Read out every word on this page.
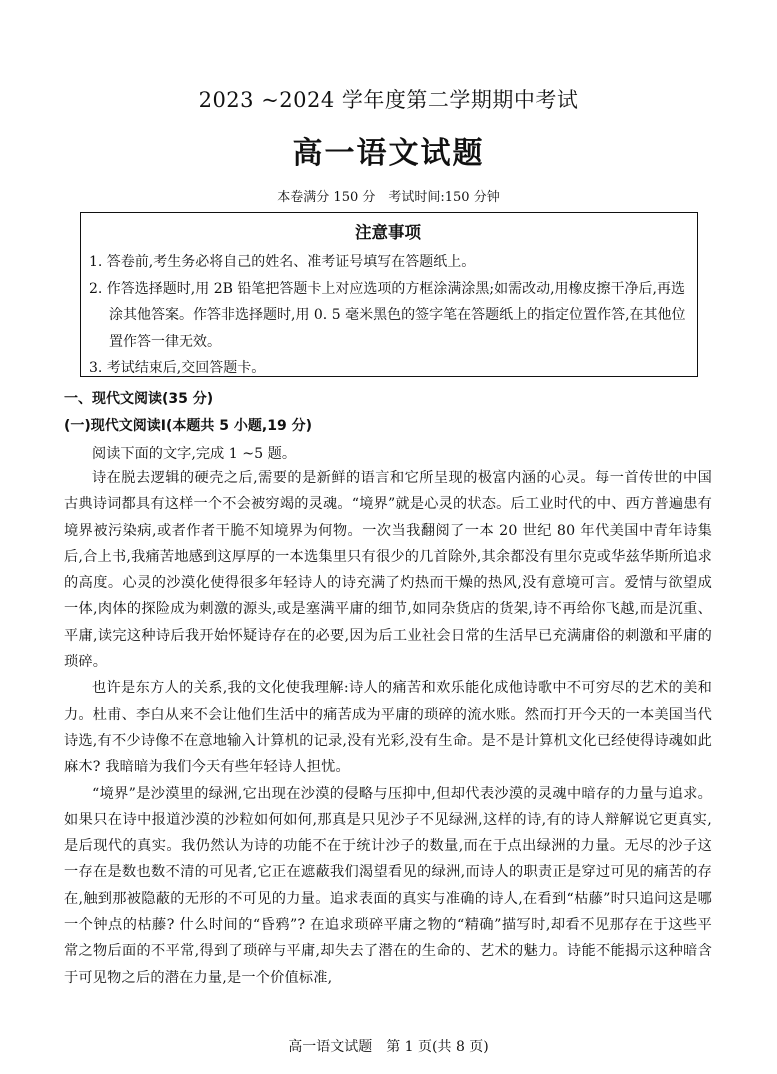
2023 ~2024 学年度第二学期期中考试
高一语文试题
本卷满分 150 分　考试时间:150 分钟
注意事项
1. 答卷前,考生务必将自己的姓名、准考证号填写在答题纸上。
2. 作答选择题时,用 2B 铅笔把答题卡上对应选项的方框涂满涂黑;如需改动,用橡皮擦干净后,再选涂其他答案。作答非选择题时,用 0. 5 毫米黑色的签字笔在答题纸上的指定位置作答,在其他位置作答一律无效。
3. 考试结束后,交回答题卡。
一、现代文阅读(35 分)
(一)现代文阅读Ⅰ(本题共 5 小题,19 分)
阅读下面的文字,完成 1 ~5 题。

诗在脱去逻辑的硬壳之后,需要的是新鲜的语言和它所呈现的极富内涵的心灵。每一首传世的中国古典诗词都具有这样一个不会被穷竭的灵魂。“境界”就是心灵的状态。后工业时代的中、西方普遍患有境界被污染病,或者作者干脆不知境界为何物。一次当我翻阅了一本 20 世纪 80 年代美国中青年诗集后,合上书,我痛苦地感到这厚厚的一本选集里只有很少的几首除外,其余都没有里尔克或华兹华斯所追求的高度。心灵的沙漠化使得很多年轻诗人的诗充满了灼热而干燥的热风,没有意境可言。爱情与欲望成一体,肉体的探险成为刺激的源头,或是塞满平庸的细节,如同杂货店的货架,诗不再给你飞越,而是沉重、平庸,读完这种诗后我开始怀疑诗存在的必要,因为后工业社会日常的生活早已充满庸俗的刺激和平庸的琐碎。

也许是东方人的关系,我的文化使我理解:诗人的痛苦和欢乐能化成他诗歌中不可穷尽的艺术的美和力。杜甫、李白从来不会让他们生活中的痛苦成为平庸的琐碎的流水账。然而打开今天的一本美国当代诗选,有不少诗像不在意地输入计算机的记录,没有光彩,没有生命。是不是计算机文化已经使得诗魂如此麻木? 我暗暗为我们今天有些年轻诗人担忧。

“境界”是沙漠里的绿洲,它出现在沙漠的侵略与压抑中,但却代表沙漠的灵魂中暗存的力量与追求。如果只在诗中报道沙漠的沙粒如何如何,那真是只见沙子不见绿洲,这样的诗,有的诗人辩解说它更真实,是后现代的真实。我仍然认为诗的功能不在于统计沙子的数量,而在于点出绿洲的力量。无尽的沙子这一存在是数也数不清的可见者,它正在遮蔽我们渴望看见的绿洲,而诗人的职责正是穿过可见的痛苦的存在,触到那被隐蔽的无形的不可见的力量。追求表面的真实与准确的诗人,在看到“枯藤”时只追问这是哪一个钟点的枯藤? 什么时间的“昏鸦”? 在追求琐碎平庸之物的“精确”描写时,却看不见那存在于这些平常之物后面的不平常,得到了琐碎与平庸,却失去了潜在的生命的、艺术的魅力。诗能不能揭示这种暗含于可见物之后的潜在力量,是一个价值标准,

高一语文试题　第 1 页(共 8 页)
